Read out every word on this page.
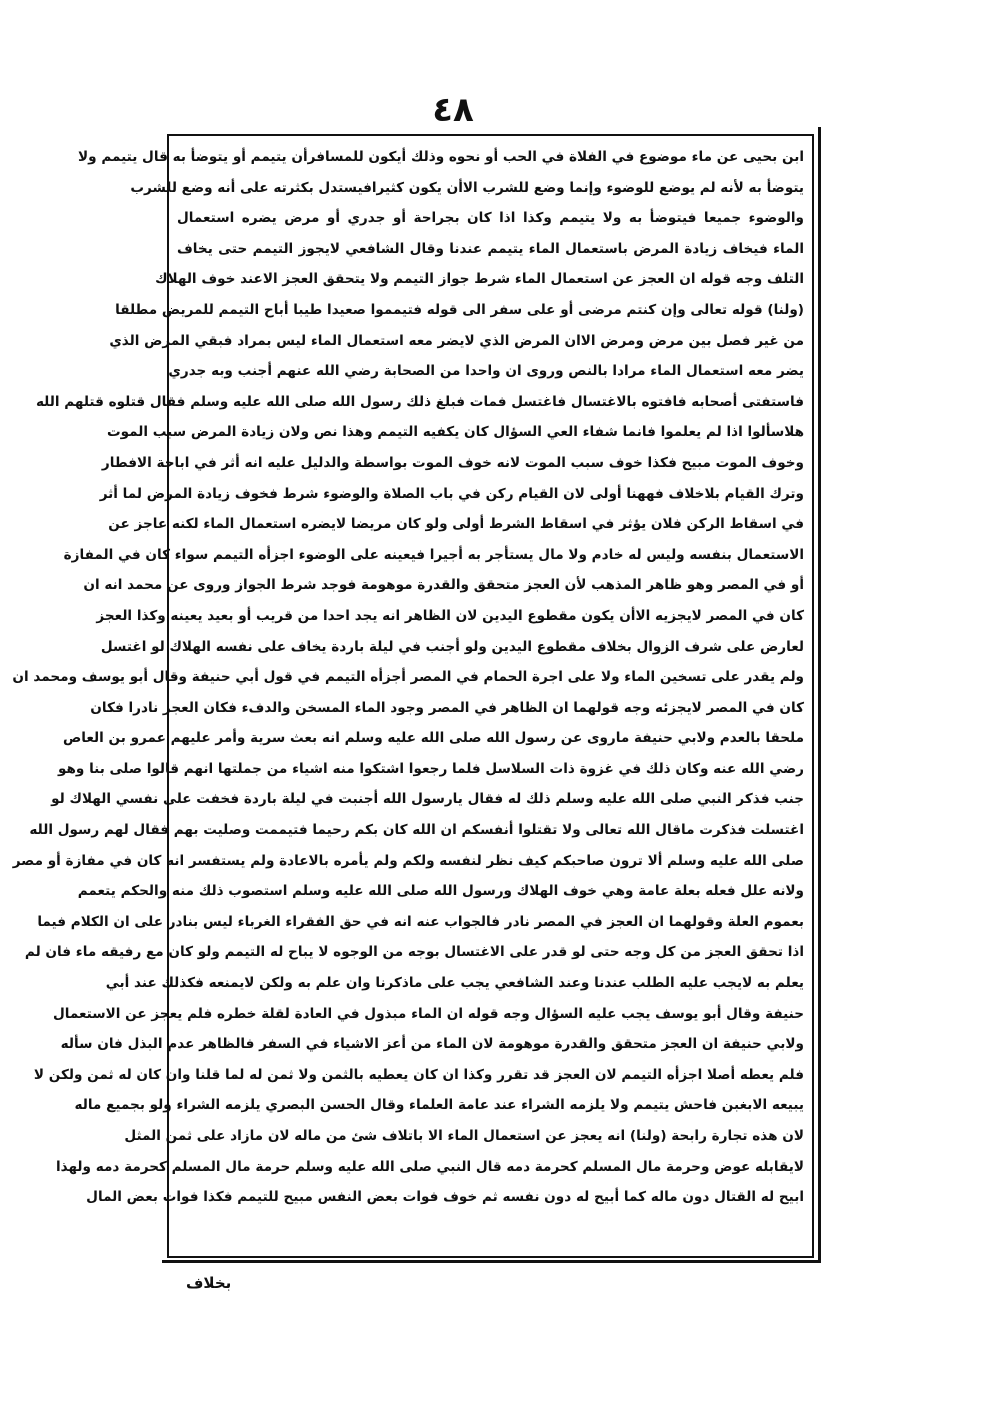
٤٨
ابن بحيى عن ماء موضوع في الفلاة في الحب أو نحوه وذلك أيكون للمسافرأن يتيمم أو يتوضأ به قال يتيمم ولا
يتوضأ به لأنه لم يوضع للوضوء وإنما وضع للشرب الاأن يكون كثيرافيستدل بكثرته على أنه وضع للشرب
والوضوء جميعا فيتوضأ به ولا يتيمم وكذا اذا كان بجراحة أو جدري أو مرض يضره استعمال
الماء فيخاف زيادة المرض باستعمال الماء يتيمم عندنا وقال الشافعي لايجوز التيمم حتى يخاف
التلف وجه قوله ان العجز عن استعمال الماء شرط جواز التيمم ولا يتحقق العجز الاعند خوف الهلاك
(ولنا) قوله تعالى وإن كنتم مرضى أو على سفر الى قوله فتيمموا صعيدا طيبا أباح التيمم للمريض مطلقا
من غير فصل بين مرض ومرض الاان المرض الذي لايضر معه استعمال الماء ليس بمراد فبقي المرض الذي
يضر معه استعمال الماء مرادا بالنص وروى ان واحدا من الصحابة رضي الله عنهم أجنب وبه جدري
فاستفتى أصحابه فافتوه بالاغتسال فاغتسل فمات فبلغ ذلك رسول الله صلى الله عليه وسلم فقال قتلوه قتلهم الله
هلاسألوا اذا لم يعلموا فانما شفاء العي السؤال كان يكفيه التيمم وهذا نص ولان زيادة المرض سبب الموت
وخوف الموت مبيح فكذا خوف سبب الموت لانه خوف الموت بواسطة والدليل عليه انه أثر في اباحة الافطار
وترك القيام بلاخلاف فههنا أولى لان القيام ركن في باب الصلاة والوضوء شرط فخوف زيادة المرض لما أثر
في اسقاط الركن فلان يؤثر في اسقاط الشرط أولى ولو كان مريضا لايضره استعمال الماء لكنه عاجز عن
الاستعمال بنفسه وليس له خادم ولا مال يستأجر به أجيرا فيعينه على الوضوء اجزأه التيمم سواء كان في المفازة
أو في المصر وهو ظاهر المذهب لأن العجز متحقق والقدرة موهومة فوجد شرط الجواز وروى عن محمد انه ان
كان في المصر لايجزيه الاأن يكون مقطوع اليدين لان الظاهر انه يجد احدا من قريب أو بعيد يعينه وكذا العجز
لعارض على شرف الزوال بخلاف مقطوع اليدين ولو أجنب في ليلة باردة يخاف على نفسه الهلاك لو اغتسل
ولم يقدر على تسخين الماء ولا على اجرة الحمام في المصر أجزأه التيمم في قول أبي حنيفة وقال أبو يوسف ومحمد ان
كان في المصر لايجزئه وجه قولهما ان الظاهر في المصر وجود الماء المسخن والدفء فكان العجز نادرا فكان
ملحقا بالعدم ولابي حنيفة ماروى عن رسول الله صلى الله عليه وسلم انه بعث سرية وأمر عليهم عمرو بن العاص
رضي الله عنه وكان ذلك في غزوة ذات السلاسل فلما رجعوا اشتكوا منه اشياء من جملتها انهم قالوا صلى بنا وهو
جنب فذكر النبي صلى الله عليه وسلم ذلك له فقال يارسول الله أجنبت في ليلة باردة فخفت على نفسي الهلاك لو
اغتسلت فذكرت ماقال الله تعالى ولا تقتلوا أنفسكم ان الله كان بكم رحيما فتيممت وصليت بهم فقال لهم رسول الله
صلى الله عليه وسلم ألا ترون صاحبكم كيف نظر لنفسه ولكم ولم يأمره بالاعادة ولم يستفسر انه كان في مفازة أو مصر
ولانه علل فعله بعلة عامة وهي خوف الهلاك ورسول الله صلى الله عليه وسلم استصوب ذلك منه والحكم يتعمم
بعموم العلة وقولهما ان العجز في المصر نادر فالجواب عنه انه في حق الفقراء الغرباء ليس بنادر على ان الكلام فيما
اذا تحقق العجز من كل وجه حتى لو قدر على الاغتسال بوجه من الوجوه لا يباح له التيمم ولو كان مع رفيقه ماء فان لم
يعلم به لايجب عليه الطلب عندنا وعند الشافعي يجب على ماذكرنا وان علم به ولكن لايمنعه فكذلك عند أبي
حنيفة وقال أبو يوسف يجب عليه السؤال وجه قوله ان الماء مبذول في العادة لقلة خطره فلم يعجز عن الاستعمال
ولابي حنيفة ان العجز متحقق والقدرة موهومة لان الماء من أعز الاشياء في السفر فالظاهر عدم البذل فان سأله
فلم يعطه أصلا اجزأه التيمم لان العجز قد تقرر وكذا ان كان يعطيه بالثمن ولا ثمن له لما قلنا وان كان له ثمن ولكن لا
يبيعه الابغبن فاحش يتيمم ولا يلزمه الشراء عند عامة العلماء وقال الحسن البصري يلزمه الشراء ولو بجميع ماله
لان هذه تجارة رابحة (ولنا) انه يعجز عن استعمال الماء الا باتلاف شئ من ماله لان مازاد على ثمن المثل
لايقابله عوض وحرمة مال المسلم كحرمة دمه قال النبي صلى الله عليه وسلم حرمة مال المسلم كحرمة دمه ولهذا
ابيح له القتال دون ماله كما أبيح له دون نفسه ثم خوف فوات بعض النفس مبيح للتيمم فكذا فوات بعض المال
بخلاف
